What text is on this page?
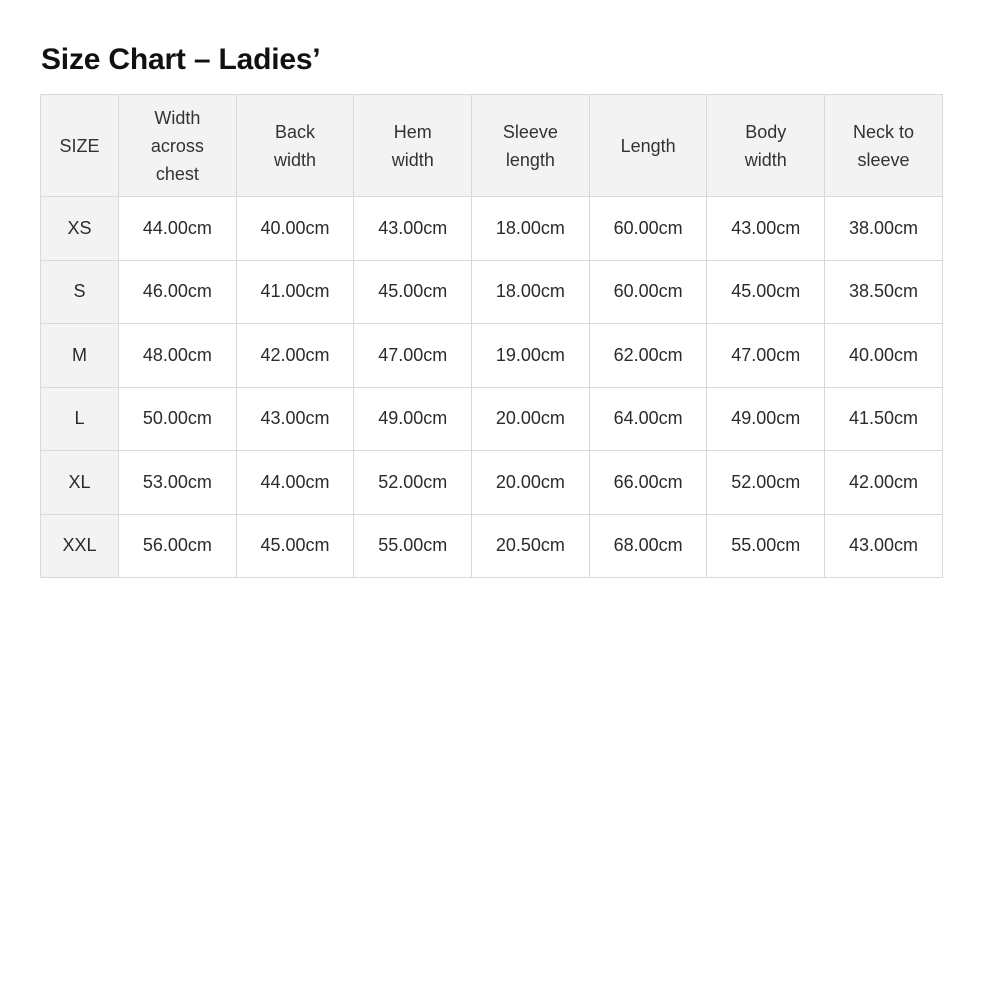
Size Chart – Ladies’
SIZE	Width
across
chest	Back
width	Hem
width	Sleeve
length	Length	Body
width	Neck to
sleeve
XS	44.00cm	40.00cm	43.00cm	18.00cm	60.00cm	43.00cm	38.00cm
S	46.00cm	41.00cm	45.00cm	18.00cm	60.00cm	45.00cm	38.50cm
M	48.00cm	42.00cm	47.00cm	19.00cm	62.00cm	47.00cm	40.00cm
L	50.00cm	43.00cm	49.00cm	20.00cm	64.00cm	49.00cm	41.50cm
XL	53.00cm	44.00cm	52.00cm	20.00cm	66.00cm	52.00cm	42.00cm
XXL	56.00cm	45.00cm	55.00cm	20.50cm	68.00cm	55.00cm	43.00cm
